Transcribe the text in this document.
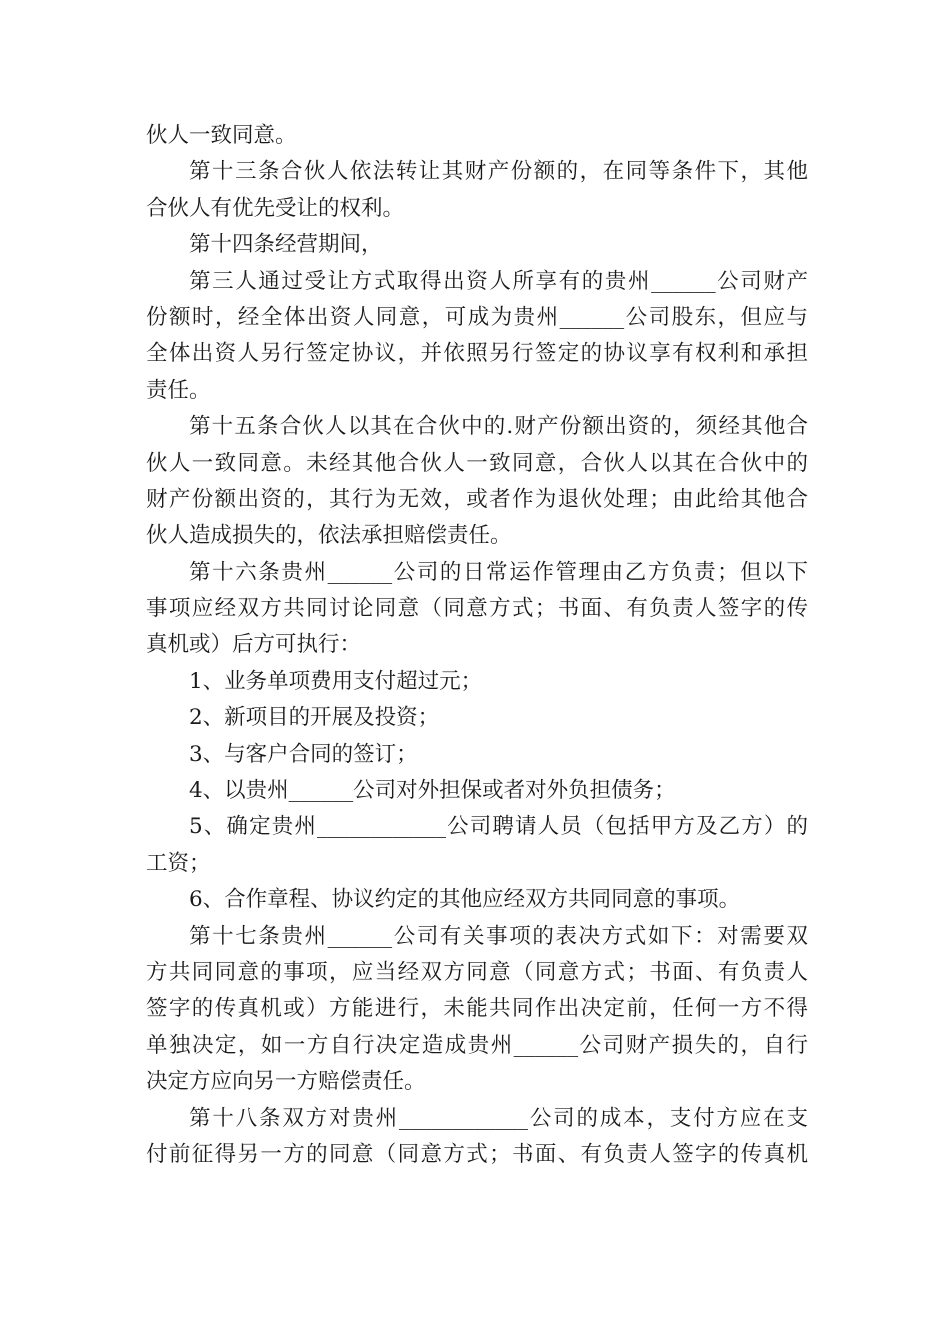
伙人一致同意。
第十三条合伙人依法转让其财产份额的，在同等条件下，其他
合伙人有优先受让的权利。
第十四条经营期间，
第三人通过受让方式取得出资人所享有的贵州______公司财产
份额时，经全体出资人同意，可成为贵州______公司股东，但应与
全体出资人另行签定协议，并依照另行签定的协议享有权利和承担
责任。
第十五条合伙人以其在合伙中的.财产份额出资的，须经其他合
伙人一致同意。未经其他合伙人一致同意，合伙人以其在合伙中的
财产份额出资的，其行为无效，或者作为退伙处理；由此给其他合
伙人造成损失的，依法承担赔偿责任。
第十六条贵州______公司的日常运作管理由乙方负责；但以下
事项应经双方共同讨论同意（同意方式；书面、有负责人签字的传
真机或）后方可执行：
1、业务单项费用支付超过元；
2、新项目的开展及投资；
3、与客户合同的签订；
4、以贵州______公司对外担保或者对外负担债务；
5、确定贵州____________公司聘请人员（包括甲方及乙方）的
工资；
6、合作章程、协议约定的其他应经双方共同同意的事项。
第十七条贵州______公司有关事项的表决方式如下：对需要双
方共同同意的事项，应当经双方同意（同意方式；书面、有负责人
签字的传真机或）方能进行，未能共同作出决定前，任何一方不得
单独决定，如一方自行决定造成贵州______公司财产损失的，自行
决定方应向另一方赔偿责任。
第十八条双方对贵州____________公司的成本，支付方应在支
付前征得另一方的同意（同意方式；书面、有负责人签字的传真机
